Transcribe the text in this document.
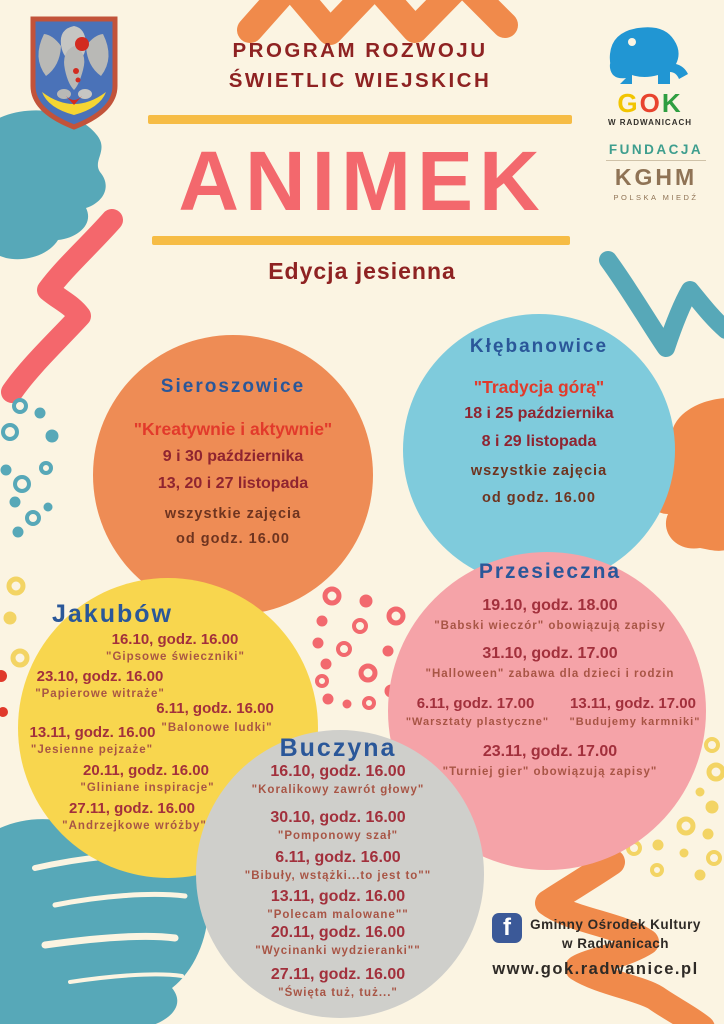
PROGRAM ROZWOJU
ŚWIETLIC WIEJSKICH
ANIMEK
Edycja jesienna
GOK
W RADWANICACH
FUNDACJA
KGHM
POLSKA MIEDŹ
Sieroszowice
"Kreatywnie i aktywnie"
9 i 30 października
13, 20 i 27 listopada
wszystkie zajęcia
od godz. 16.00
Kłębanowice
"Tradycja górą"
18 i 25 października
8 i 29 listopada
wszystkie zajęcia
od godz. 16.00
Jakubów
16.10, godz. 16.00
"Gipsowe świeczniki"
23.10, godz. 16.00
"Papierowe witraże"
6.11, godz. 16.00
"Balonowe ludki"
13.11, godz. 16.00
"Jesienne pejzaże"
20.11, godz. 16.00
"Gliniane inspiracje"
27.11, godz. 16.00
"Andrzejkowe wróżby"
Przesieczna
19.10, godz. 18.00
"Babski wieczór" obowiązują zapisy
31.10, godz. 17.00
"Halloween" zabawa dla dzieci i rodzin
6.11, godz. 17.00
"Warsztaty plastyczne"
13.11, godz. 17.00
"Budujemy karmniki"
23.11, godz. 17.00
"Turniej gier" obowiązują zapisy"
Buczyna
16.10, godz. 16.00
"Koralikowy zawrót głowy"
30.10, godz. 16.00
"Pomponowy szał"
6.11, godz. 16.00
"Bibuły, wstążki...to jest to""
13.11, godz. 16.00
"Polecam malowane""
20.11, godz. 16.00
"Wycinanki wydzieranki""
27.11, godz. 16.00
"Święta tuż, tuż..."
f	Gminny Ośrodek Kultury
w Radwanicach
www.gok.radwanice.pl
